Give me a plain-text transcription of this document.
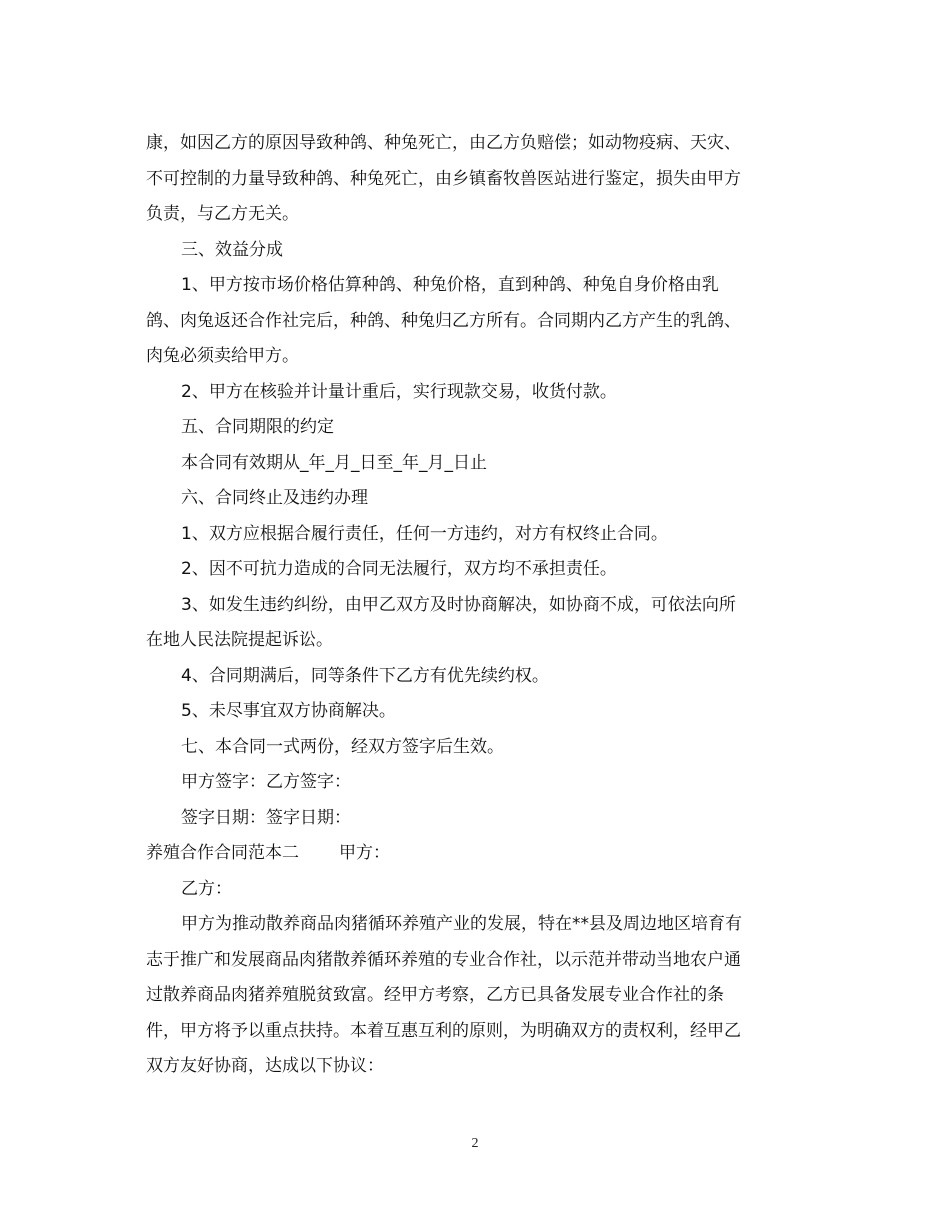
康，如因乙方的原因导致种鸽、种兔死亡，由乙方负赔偿；如动物疫病、天灾、

不可控制的力量导致种鸽、种兔死亡，由乡镇畜牧兽医站进行鉴定，损失由甲方

负责，与乙方无关。

三、效益分成

1、甲方按市场价格估算种鸽、种兔价格，直到种鸽、种兔自身价格由乳

鸽、肉兔返还合作社完后，种鸽、种兔归乙方所有。合同期内乙方产生的乳鸽、

肉兔必须卖给甲方。

2、甲方在核验并计量计重后，实行现款交易，收货付款。

五、合同期限的约定

本合同有效期从_年_月_日至_年_月_日止

六、合同终止及违约办理

1、双方应根据合履行责任，任何一方违约，对方有权终止合同。

2、因不可抗力造成的合同无法履行，双方均不承担责任。

3、如发生违约纠纷，由甲乙双方及时协商解决，如协商不成，可依法向所

在地人民法院提起诉讼。

4、合同期满后，同等条件下乙方有优先续约权。

5、未尽事宜双方协商解决。

七、本合同一式两份，经双方签字后生效。

甲方签字：乙方签字：

签字日期：签字日期：

养殖合作合同范本二 甲方：

乙方：

甲方为推动散养商品肉猪循环养殖产业的发展，特在**县及周边地区培育有

志于推广和发展商品肉猪散养循环养殖的专业合作社，以示范并带动当地农户通

过散养商品肉猪养殖脱贫致富。经甲方考察，乙方已具备发展专业合作社的条

件，甲方将予以重点扶持。本着互惠互利的原则，为明确双方的责权利，经甲乙

双方友好协商，达成以下协议：

2
